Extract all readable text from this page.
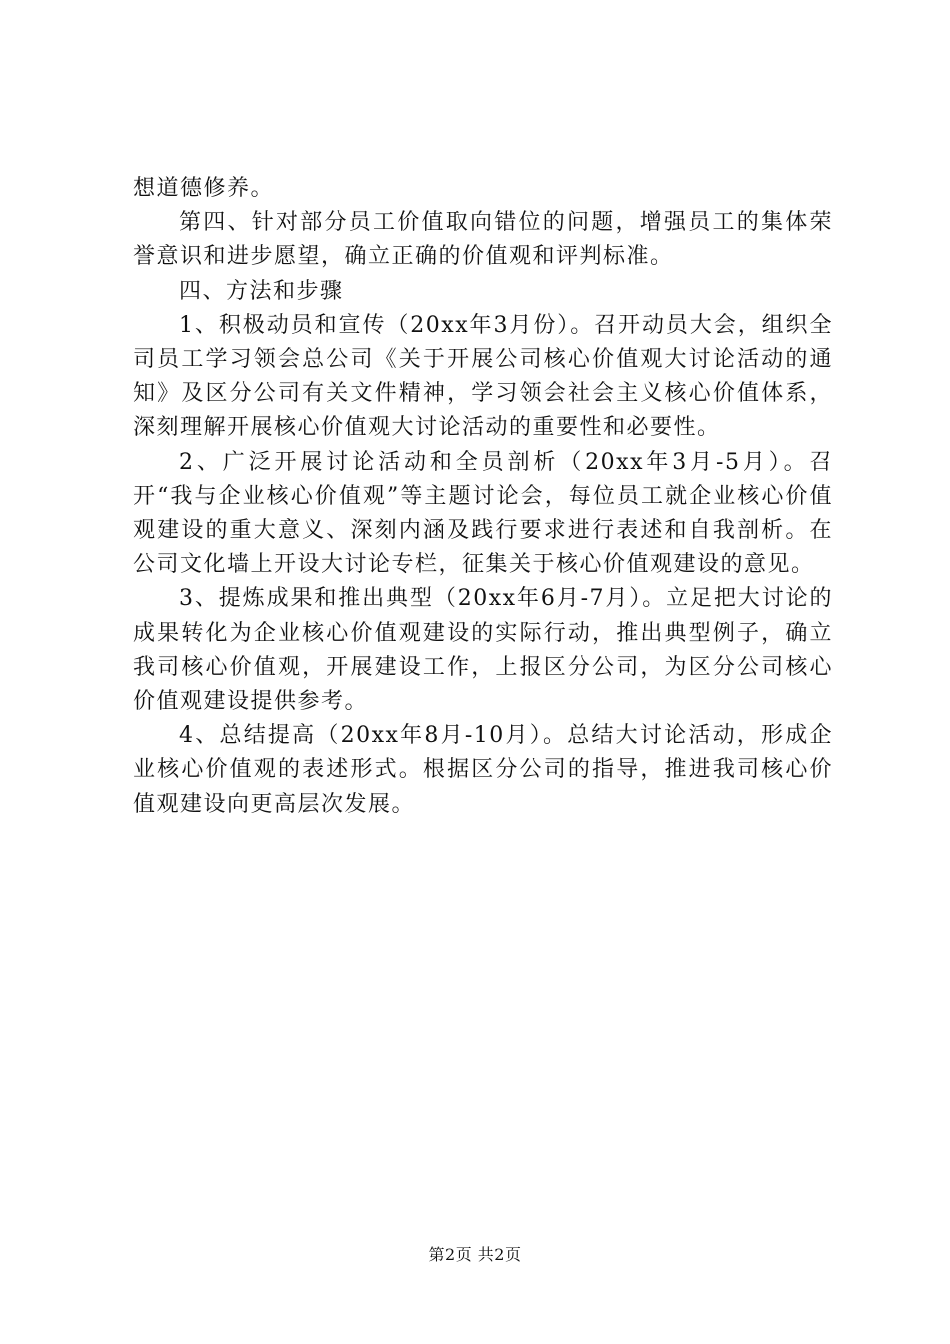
想道德修养。

第四、针对部分员工价值取向错位的问题，增强员工的集体荣誉意识和进步愿望，确立正确的价值观和评判标准。

四、方法和步骤

1、积极动员和宣传（20xx年3月份）。召开动员大会，组织全司员工学习领会总公司《关于开展公司核心价值观大讨论活动的通知》及区分公司有关文件精神，学习领会社会主义核心价值体系，深刻理解开展核心价值观大讨论活动的重要性和必要性。

2、广泛开展讨论活动和全员剖析（20xx年3月-5月）。召开“我与企业核心价值观”等主题讨论会，每位员工就企业核心价值观建设的重大意义、深刻内涵及践行要求进行表述和自我剖析。在公司文化墙上开设大讨论专栏，征集关于核心价值观建设的意见。

3、提炼成果和推出典型（20xx年6月-7月）。立足把大讨论的成果转化为企业核心价值观建设的实际行动，推出典型例子，确立我司核心价值观，开展建设工作，上报区分公司，为区分公司核心价值观建设提供参考。

4、总结提高（20xx年8月-10月）。总结大讨论活动，形成企业核心价值观的表述形式。根据区分公司的指导，推进我司核心价值观建设向更高层次发展。

第2页 共2页
